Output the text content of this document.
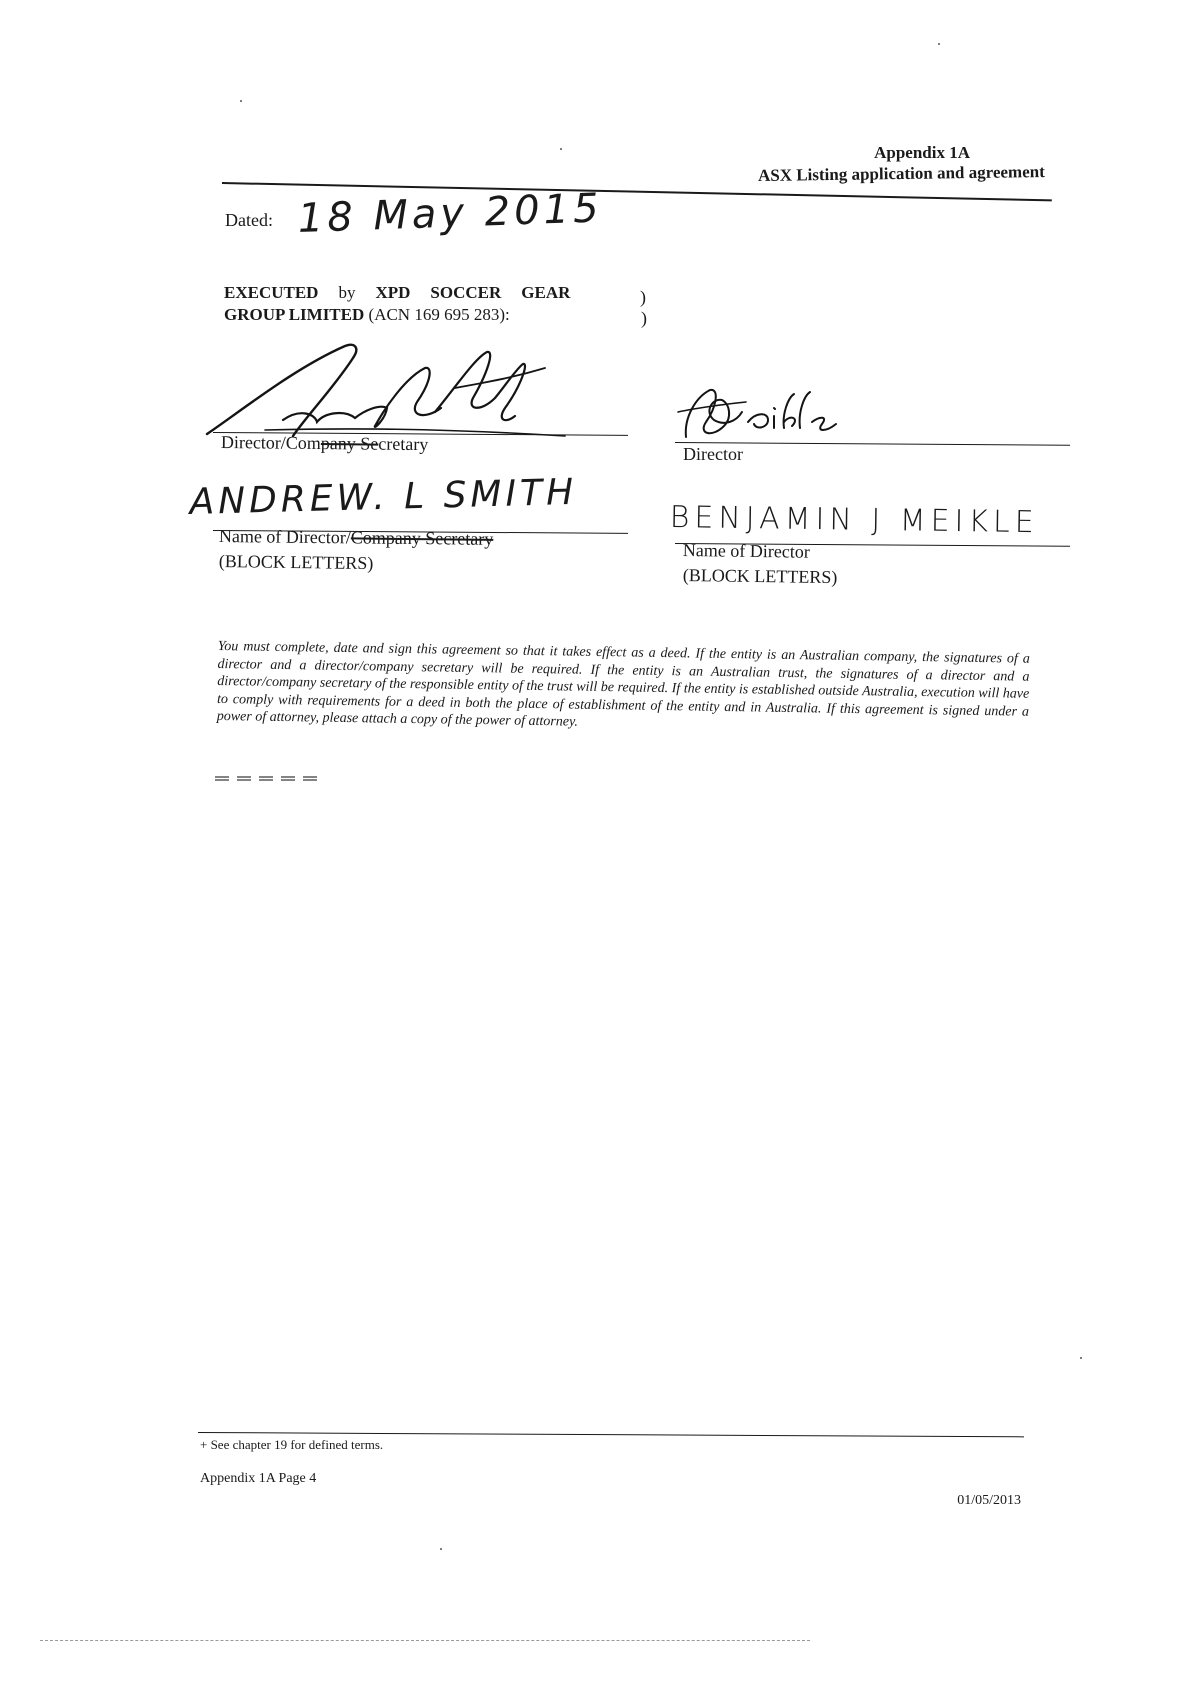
Appendix 1A
ASX Listing application and agreement
Dated: 18 May 2015
EXECUTED by XPD SOCCER GEAR
GROUP LIMITED (ACN 169 695 283):
)
)
Director/Company Secretary	Director
ANDREW. L SMITH
Name of Director/Company Secretary
(BLOCK LETTERS)
BENJAMIN J MEIKLE
Name of Director
(BLOCK LETTERS)
You must complete, date and sign this agreement so that it takes effect as a deed. If the entity is an Australian company, the signatures of a director and a director/company secretary will be required. If the entity is an Australian trust, the signatures of a director and a director/company secretary of the responsible entity of the trust will be required. If the entity is established outside Australia, execution will have to comply with requirements for a deed in both the place of establishment of the entity and in Australia. If this agreement is signed under a power of attorney, please attach a copy of the power of attorney.
+ See chapter 19 for defined terms.
Appendix 1A Page 4
01/05/2013
